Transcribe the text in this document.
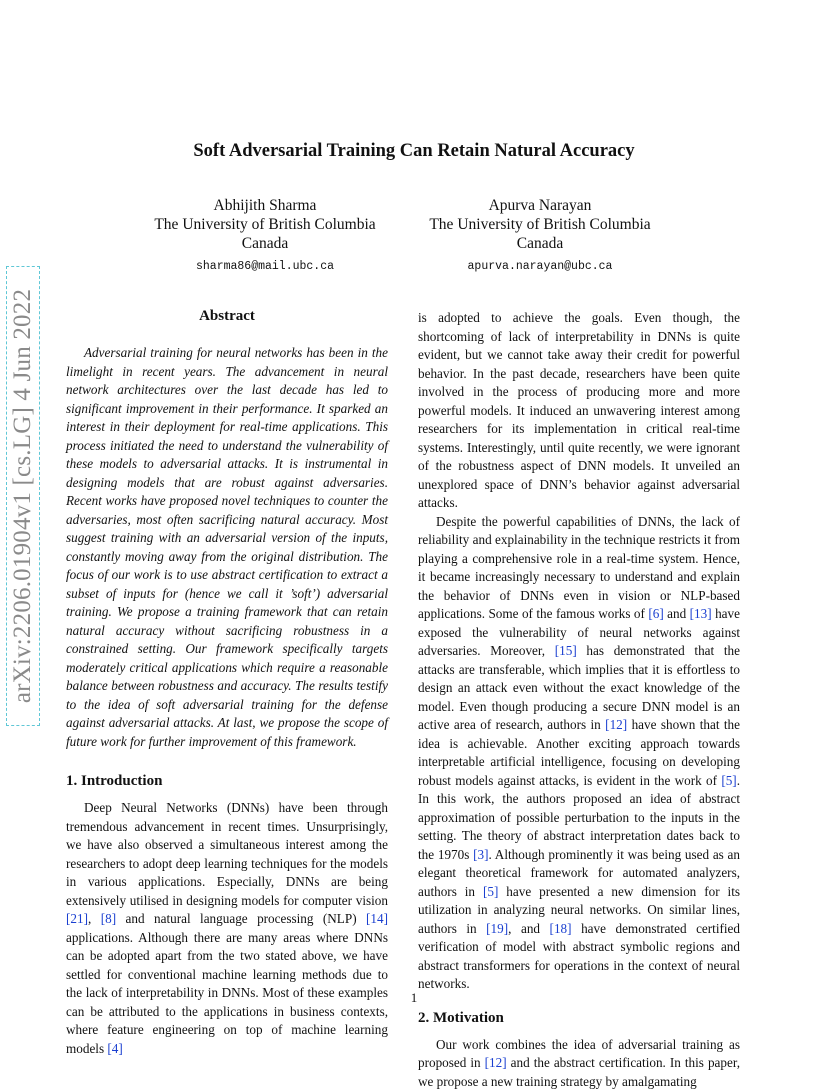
arXiv:2206.01904v1 [cs.LG] 4 Jun 2022
Soft Adversarial Training Can Retain Natural Accuracy
Abhijith Sharma
The University of British Columbia
Canada
sharma86@mail.ubc.ca
Apurva Narayan
The University of British Columbia
Canada
apurva.narayan@ubc.ca
Abstract

Adversarial training for neural networks has been in the limelight in recent years. The advancement in neural network architectures over the last decade has led to significant improvement in their performance. It sparked an interest in their deployment for real-time applications. This process initiated the need to understand the vulnerability of these models to adversarial attacks. It is instrumental in designing models that are robust against adversaries. Recent works have proposed novel techniques to counter the adversaries, most often sacrificing natural accuracy. Most suggest training with an adversarial version of the inputs, constantly moving away from the original distribution. The focus of our work is to use abstract certification to extract a subset of inputs for (hence we call it ’soft’) adversarial training. We propose a training framework that can retain natural accuracy without sacrificing robustness in a constrained setting. Our framework specifically targets moderately critical applications which require a reasonable balance between robustness and accuracy. The results testify to the idea of soft adversarial training for the defense against adversarial attacks. At last, we propose the scope of future work for further improvement of this framework.

1. Introduction

Deep Neural Networks (DNNs) have been through tremendous advancement in recent times. Unsurprisingly, we have also observed a simultaneous interest among the researchers to adopt deep learning techniques for the models in various applications. Especially, DNNs are being extensively utilised in designing models for computer vision [21], [8] and natural language processing (NLP) [14] applications. Although there are many areas where DNNs can be adopted apart from the two stated above, we have settled for conventional machine learning methods due to the lack of interpretability in DNNs. Most of these examples can be attributed to the applications in business contexts, where feature engineering on top of machine learning models [4]

is adopted to achieve the goals. Even though, the shortcoming of lack of interpretability in DNNs is quite evident, but we cannot take away their credit for powerful behavior. In the past decade, researchers have been quite involved in the process of producing more and more powerful models. It induced an unwavering interest among researchers for its implementation in critical real-time systems. Interestingly, until quite recently, we were ignorant of the robustness aspect of DNN models. It unveiled an unexplored space of DNN’s behavior against adversarial attacks.

Despite the powerful capabilities of DNNs, the lack of reliability and explainability in the technique restricts it from playing a comprehensive role in a real-time system. Hence, it became increasingly necessary to understand and explain the behavior of DNNs even in vision or NLP-based applications. Some of the famous works of [6] and [13] have exposed the vulnerability of neural networks against adversaries. Moreover, [15] has demonstrated that the attacks are transferable, which implies that it is effortless to design an attack even without the exact knowledge of the model. Even though producing a secure DNN model is an active area of research, authors in [12] have shown that the idea is achievable. Another exciting approach towards interpretable artificial intelligence, focusing on developing robust models against attacks, is evident in the work of [5]. In this work, the authors proposed an idea of abstract approximation of possible perturbation to the inputs in the setting. The theory of abstract interpretation dates back to the 1970s [3]. Although prominently it was being used as an elegant theoretical framework for automated analyzers, authors in [5] have presented a new dimension for its utilization in analyzing neural networks. On similar lines, authors in [19], and [18] have demonstrated certified verification of model with abstract symbolic regions and abstract transformers for operations in the context of neural networks.

2. Motivation

Our work combines the idea of adversarial training as proposed in [12] and the abstract certification. In this paper, we propose a new training strategy by amalgamating

1
